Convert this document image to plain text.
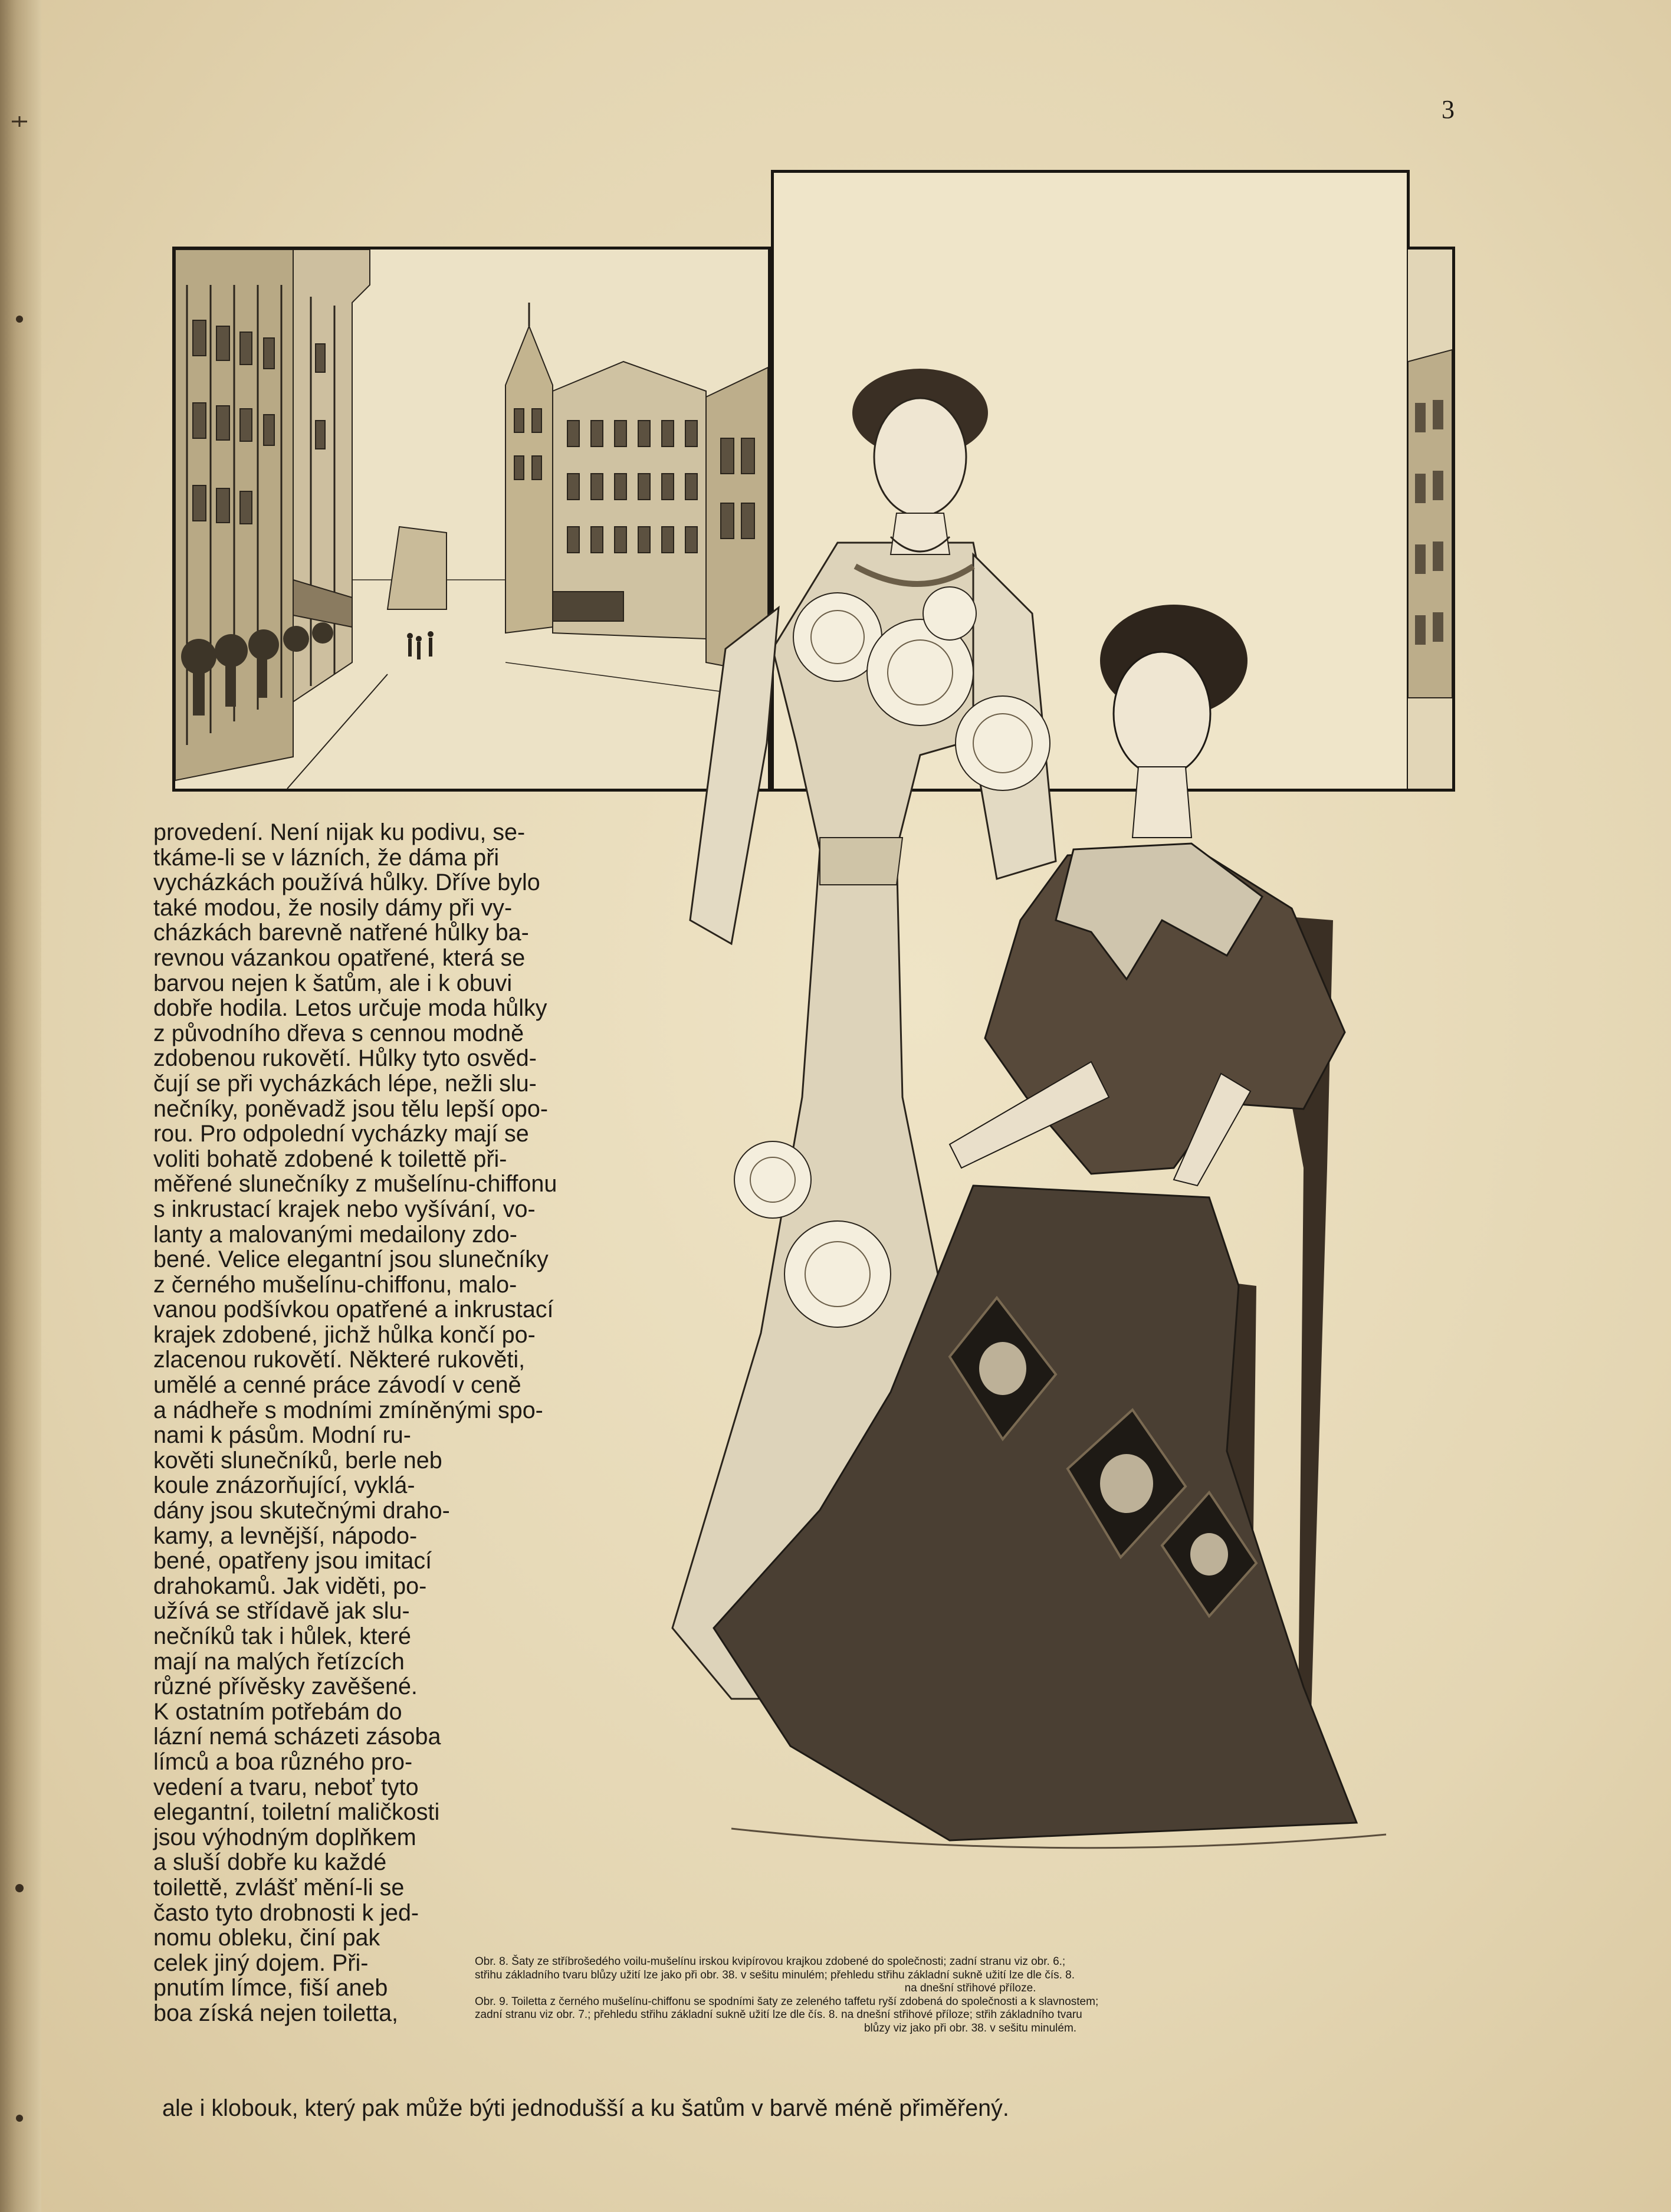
3
provedení. Není nijak ku podivu, se-
tkáme-li se v lázních, že dáma při
vycházkách používá hůlky. Dříve bylo
také modou, že nosily dámy při vy-
cházkách barevně natřené hůlky ba-
revnou vázankou opatřené, která se
barvou nejen k šatům, ale i k obuvi
dobře hodila. Letos určuje moda hůlky
z původního dřeva s cennou modně
zdobenou rukovětí. Hůlky tyto osvěd-
čují se při vycházkách lépe, nežli slu-
nečníky, poněvadž jsou tělu lepší opo-
rou. Pro odpolední vycházky mají se
voliti bohatě zdobené k toilettě při-
měřené slunečníky z mušelínu-chiffonu
s inkrustací krajek nebo vyšívání, vo-
lanty a malovanými medailony zdo-
bené. Velice elegantní jsou slunečníky
z černého mušelínu-chiffonu, malo-
vanou podšívkou opatřené a inkrustací
krajek zdobené, jichž hůlka končí po-
zlacenou rukovětí. Některé rukověti,
umělé a cenné práce závodí v ceně
a nádheře s modními zmíněnými spo-
nami k pásům. Modní ru-
kověti slunečníků, berle neb
koule znázorňující, vyklá-
dány jsou skutečnými draho-
kamy, a levnější, nápodo-
bené, opatřeny jsou imitací
drahokamů. Jak viděti, po-
užívá se střídavě jak slu-
nečníků tak i hůlek, které
mají na malých řetízcích
různé přívěsky zavěšené.
K ostatním potřebám do
lázní nemá scházeti zásoba
límců a boa různého pro-
vedení a tvaru, neboť tyto
elegantní, toiletní maličkosti
jsou výhodným doplňkem
a sluší dobře ku každé
toilettě, zvlášť mění-li se
často tyto drobnosti k jed-
nomu obleku, činí pak
celek jiný dojem. Při-
pnutím límce, fiší aneb
boa získá nejen toiletta,

Obr. 8. Šaty ze stříbrošedého voilu-mušelínu irskou kvipírovou krajkou zdobené do společnosti; zadní stranu viz obr. 6.;

střihu základního tvaru blůzy užití lze jako při obr. 38. v sešitu minulém; přehledu střihu základní sukně užití lze dle čís. 8.

na dnešní střihové příloze.

Obr. 9. Toiletta z černého mušelínu-chiffonu se spodními šaty ze zeleného taffetu ryší zdobená do společnosti a k slavnostem;

zadní stranu viz obr. 7.; přehledu střihu základní sukně užití lze dle čís. 8. na dnešní střihové příloze; střih základního tvaru

blůzy viz jako při obr. 38. v sešitu minulém.

ale i klobouk, který pak může býti jednodušší a ku šatům v barvě méně přiměřený.
